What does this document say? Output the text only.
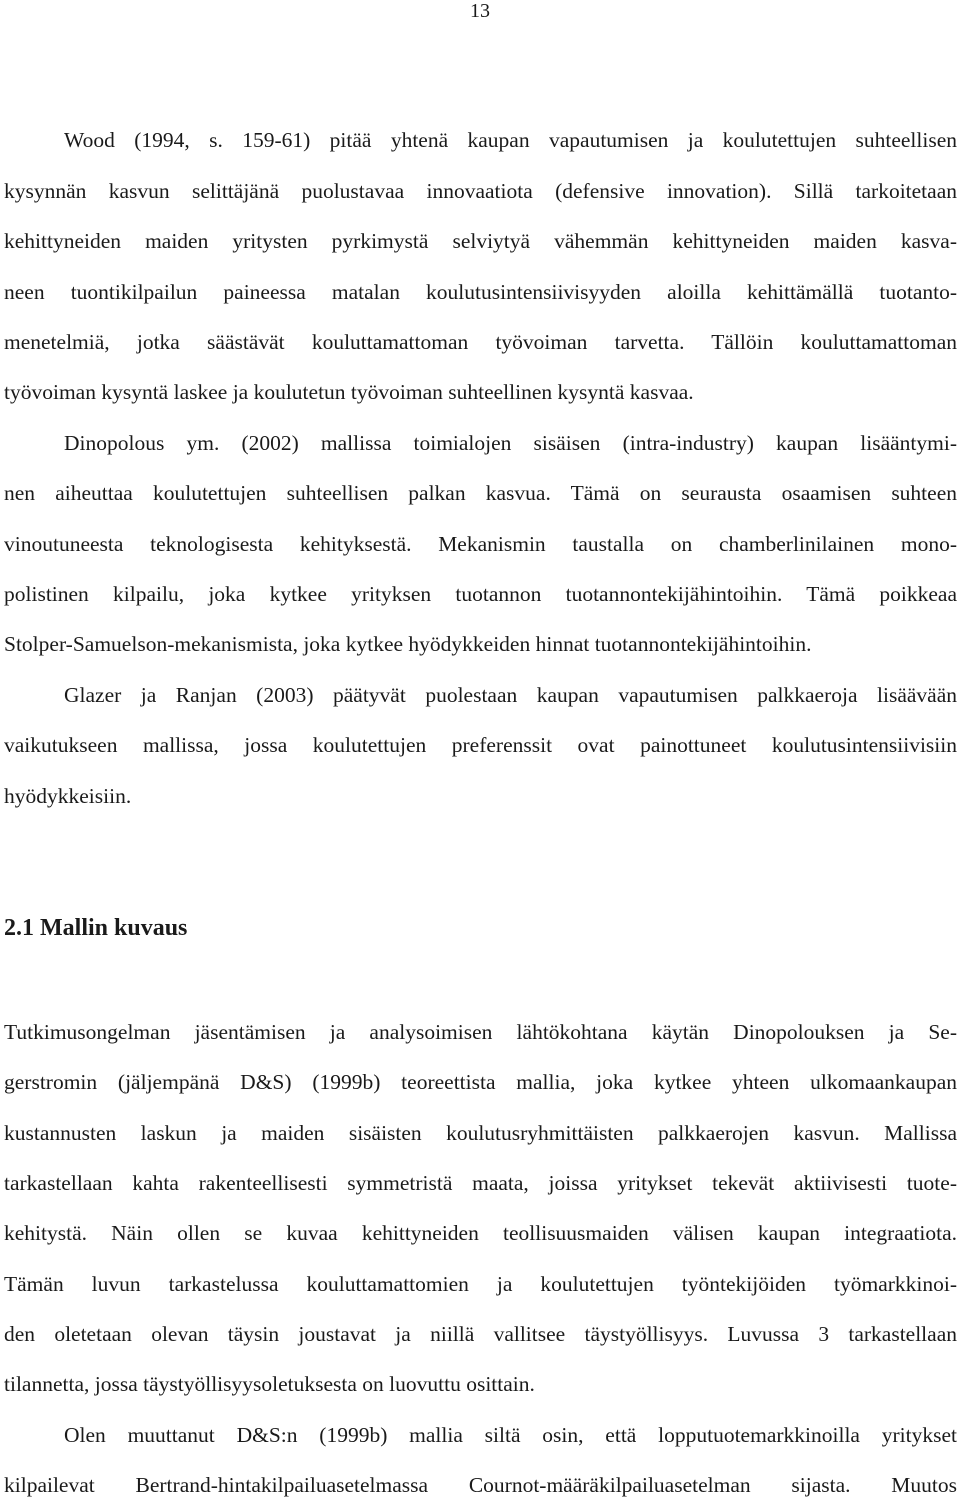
13
Wood (1994, s. 159-61) pitää yhtenä kaupan vapautumisen ja koulutettujen suhteellisen
kysynnän kasvun selittäjänä puolustavaa innovaatiota (defensive innovation). Sillä tarkoitetaan
kehittyneiden maiden yritysten pyrkimystä selviytyä vähemmän kehittyneiden maiden kasva-
neen tuontikilpailun paineessa matalan koulutusintensiivisyyden aloilla kehittämällä tuotanto-
menetelmiä, jotka säästävät kouluttamattoman työvoiman tarvetta. Tällöin kouluttamattoman
työvoiman kysyntä laskee ja koulutetun työvoiman suhteellinen kysyntä kasvaa.
Dinopolous ym. (2002) mallissa toimialojen sisäisen (intra-industry) kaupan lisääntymi-
nen aiheuttaa koulutettujen suhteellisen palkan kasvua. Tämä on seurausta osaamisen suhteen
vinoutuneesta teknologisesta kehityksestä. Mekanismin taustalla on chamberlinilainen mono-
polistinen kilpailu, joka kytkee yrityksen tuotannon tuotannontekijähintoihin. Tämä poikkeaa
Stolper-Samuelson-mekanismista, joka kytkee hyödykkeiden hinnat tuotannontekijähintoihin.
Glazer ja Ranjan (2003) päätyvät puolestaan kaupan vapautumisen palkkaeroja lisäävään
vaikutukseen mallissa, jossa koulutettujen preferenssit ovat painottuneet koulutusintensiivisiin
hyödykkeisiin.
2.1 Mallin kuvaus
Tutkimusongelman jäsentämisen ja analysoimisen lähtökohtana käytän Dinopolouksen ja Se-
gerstromin (jäljempänä D&S) (1999b) teoreettista mallia, joka kytkee yhteen ulkomaankaupan
kustannusten laskun ja maiden sisäisten koulutusryhmittäisten palkkaerojen kasvun. Mallissa
tarkastellaan kahta rakenteellisesti symmetristä maata, joissa yritykset tekevät aktiivisesti tuote-
kehitystä. Näin ollen se kuvaa kehittyneiden teollisuusmaiden välisen kaupan integraatiota.
Tämän luvun tarkastelussa kouluttamattomien ja koulutettujen työntekijöiden työmarkkinoi-
den oletetaan olevan täysin joustavat ja niillä vallitsee täystyöllisyys. Luvussa 3 tarkastellaan
tilannetta, jossa täystyöllisyysoletuksesta on luovuttu osittain.
Olen muuttanut D&S:n (1999b) mallia siltä osin, että lopputuotemarkkinoilla yritykset
kilpailevat Bertrand-hintakilpailuasetelmassa Cournot-määräkilpailuasetelman sijasta. Muutos
